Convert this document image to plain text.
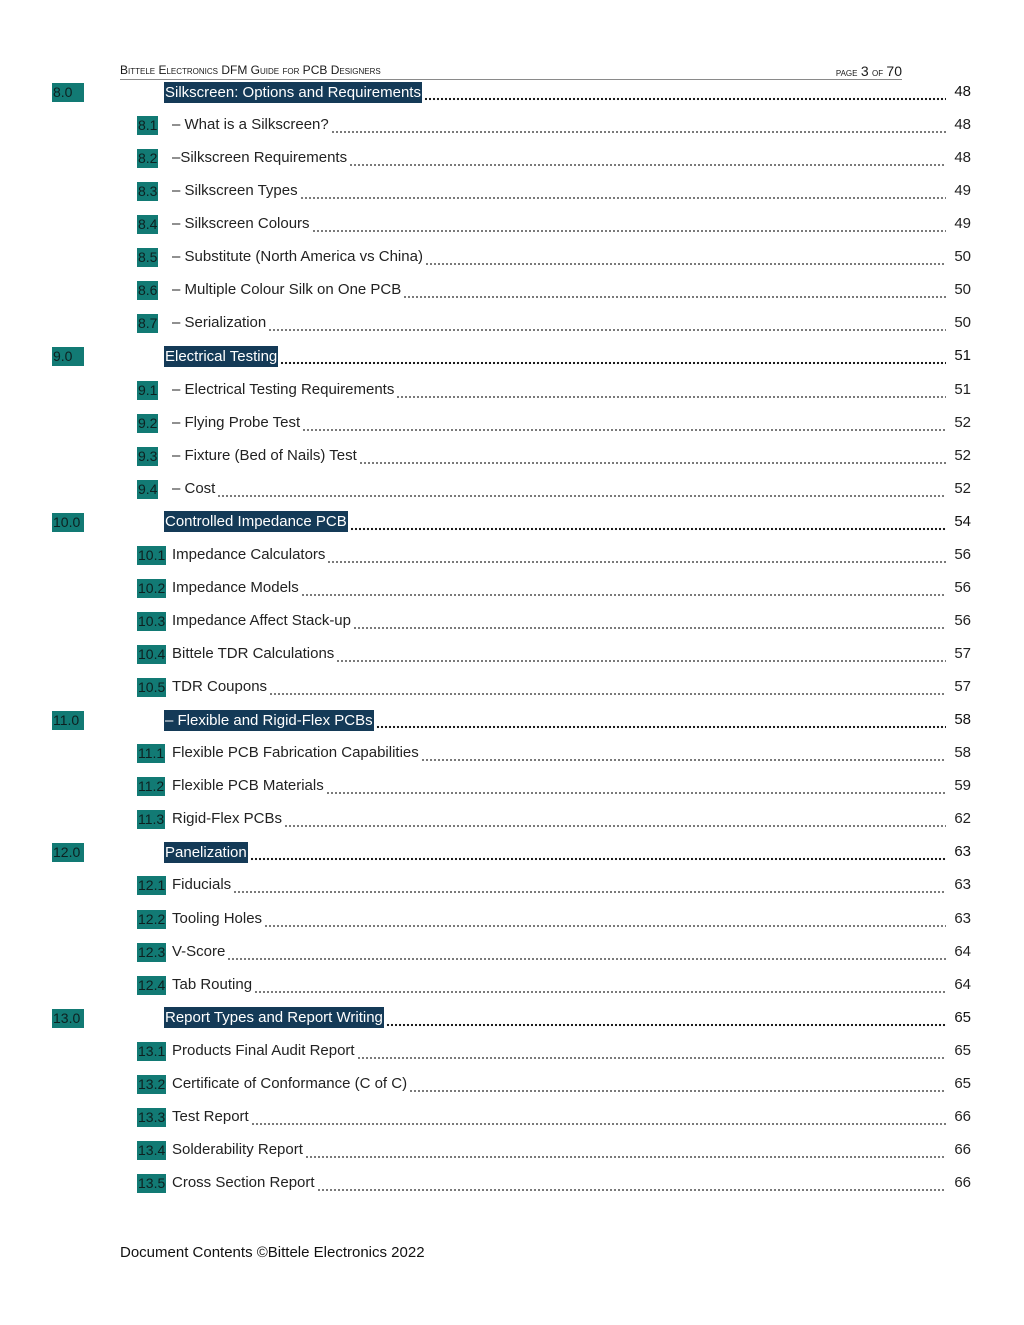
Bittele Electronics DFM Guide for PCB Designers	page 3 of 70
8.0	Silkscreen: Options and Requirements	48
8.1 – What is a Silkscreen?	48
8.2 –Silkscreen Requirements	48
8.3 – Silkscreen Types	49
8.4 – Silkscreen Colours	49
8.5 – Substitute (North America vs China)	50
8.6 – Multiple Colour Silk on One PCB	50
8.7 – Serialization	50
9.0	Electrical Testing	51
9.1 – Electrical Testing Requirements	51
9.2 – Flying Probe Test	52
9.3 – Fixture (Bed of Nails) Test	52
9.4 – Cost	52
10.0	Controlled Impedance PCB	54
10.1 Impedance Calculators	56
10.2 Impedance Models	56
10.3 Impedance Affect Stack-up	56
10.4 Bittele TDR Calculations	57
10.5 TDR Coupons	57
11.0	– Flexible and Rigid-Flex PCBs	58
11.1 Flexible PCB Fabrication Capabilities	58
11.2 Flexible PCB Materials	59
11.3 Rigid-Flex PCBs	62
12.0	Panelization	63
12.1 Fiducials	63
12.2 Tooling Holes	63
12.3 V-Score	64
12.4 Tab Routing	64
13.0	Report Types and Report Writing	65
13.1 Products Final Audit Report	65
13.2 Certificate of Conformance (C of C)	65
13.3 Test Report	66
13.4 Solderability Report	66
13.5 Cross Section Report	66
Document Contents ©Bittele Electronics 2022
